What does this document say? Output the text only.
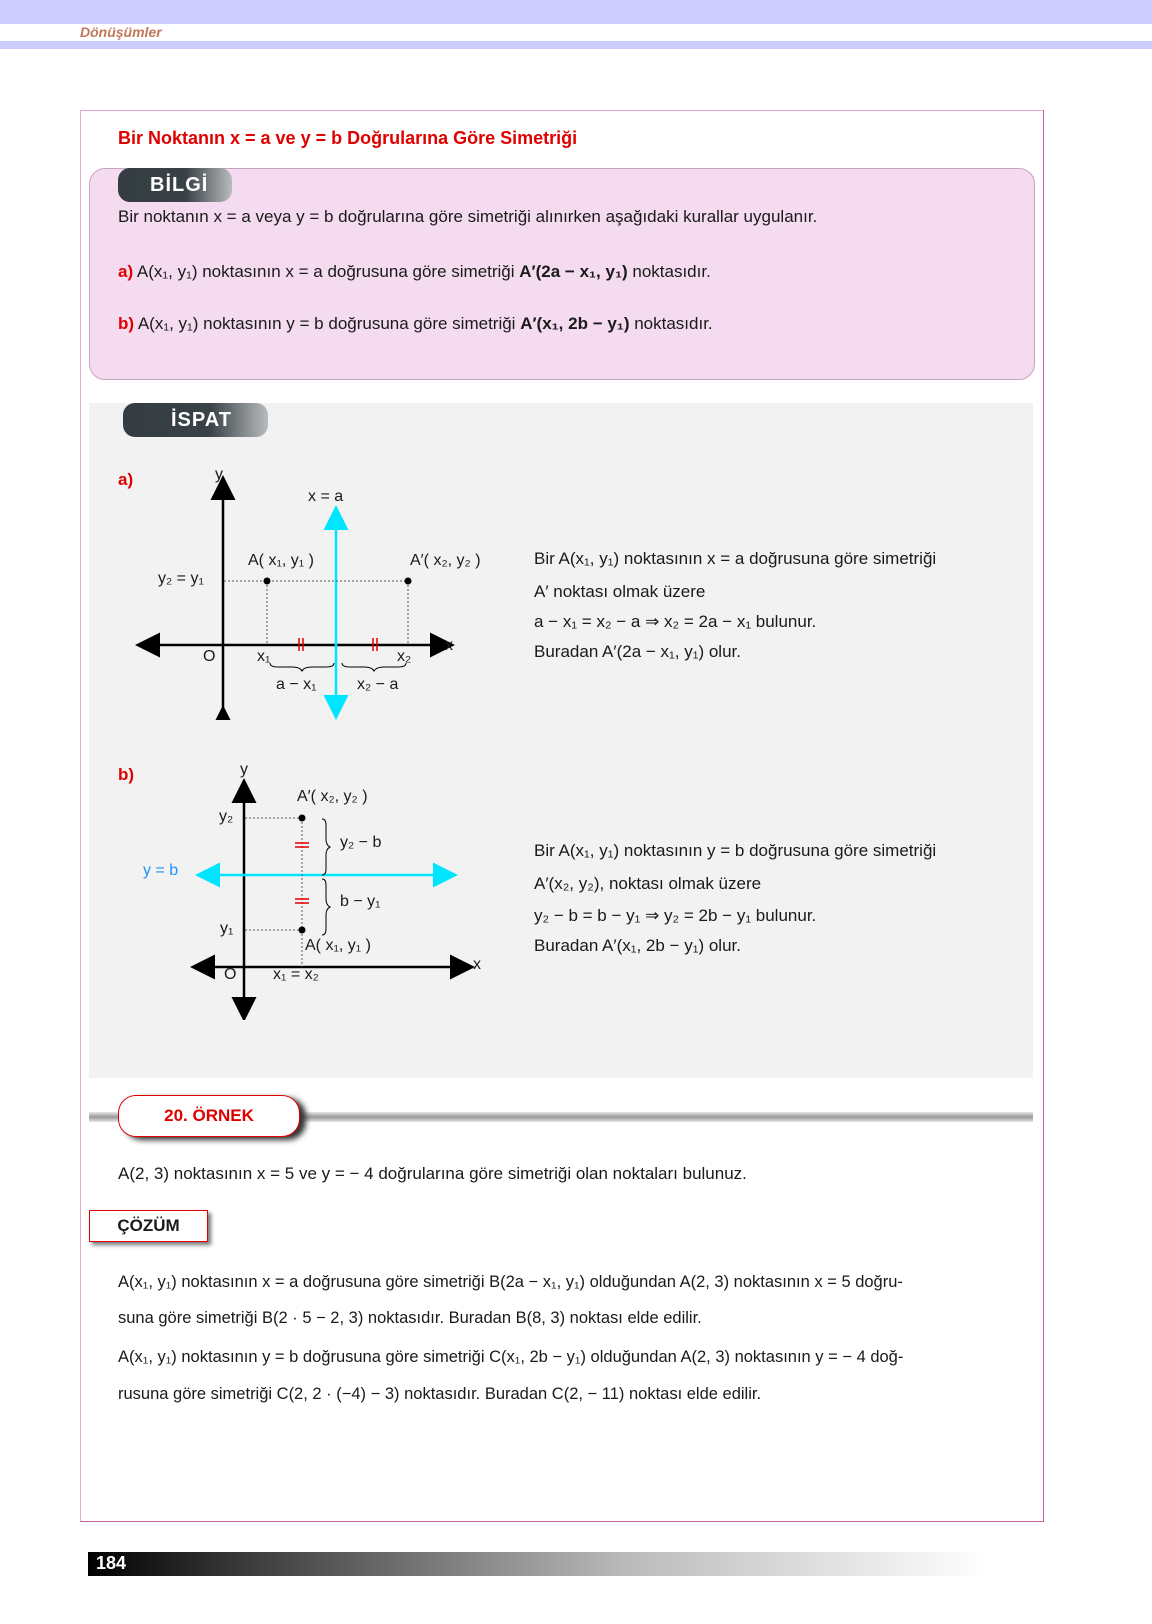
Dönüşümler
Bir Noktanın x = a ve y = b Doğrularına Göre Simetriği
BİLGİ
Bir noktanın x = a veya y = b doğrularına göre simetriği alınırken aşağıdaki kurallar uygulanır.
a) A(x₁, y₁) noktasının x = a doğrusuna göre simetriği A′(2a − x₁, y₁) noktasıdır.
b) A(x₁, y₁) noktasının y = b doğrusuna göre simetriği A′(x₁, 2b − y₁) noktasıdır.
İSPAT
a)	y
x = a
A( x₁, y₁ )	A′( x₂, y₂ )
y₂ = y₁
O	x₁	x₂
x
a − x₁	x₂ − a
Bir A(x₁, y₁) noktasının x = a doğrusuna göre simetriği
A′ noktası olmak üzere
a − x₁ = x₂ − a ⇒ x₂ = 2a − x₁ bulunur.
Buradan A′(2a − x₁, y₁) olur.
b)	y
A′( x₂, y₂ )
y₂
y₂ − b
y = b
b − y₁
y₁
A( x₁, y₁ )
O x₁ = x₂
x
Bir A(x₁, y₁) noktasının y = b doğrusuna göre simetriği
A′(x₂, y₂), noktası olmak üzere
y₂ − b = b − y₁ ⇒ y₂ = 2b − y₁ bulunur.
Buradan A′(x₁, 2b − y₁) olur.
20. ÖRNEK
A(2, 3) noktasının x = 5 ve y = − 4 doğrularına göre simetriği olan noktaları bulunuz.
ÇÖZÜM
A(x₁, y₁) noktasının x = a doğrusuna göre simetriği B(2a − x₁, y₁) olduğundan A(2, 3) noktasının x = 5 doğru-
suna göre simetriği B(2 · 5 − 2, 3) noktasıdır. Buradan B(8, 3) noktası elde edilir.
A(x₁, y₁) noktasının y = b doğrusuna göre simetriği C(x₁, 2b − y₁) olduğundan A(2, 3) noktasının y = − 4 doğ-
rusuna göre simetriği C(2, 2 · (−4) − 3) noktasıdır. Buradan C(2, − 11) noktası elde edilir.
184
